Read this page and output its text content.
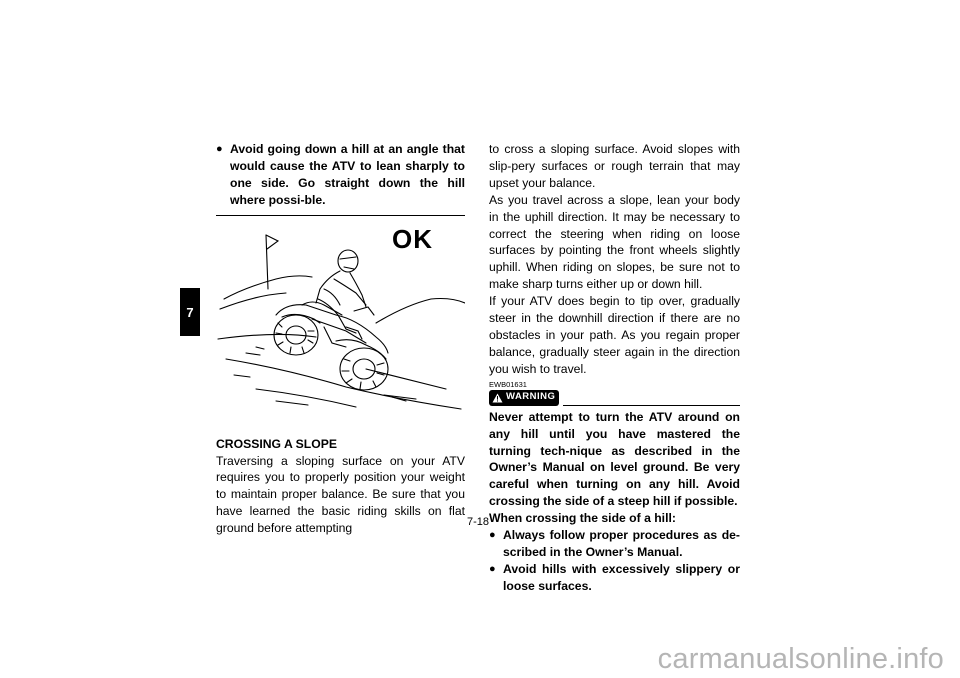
7
● Avoid going down a hill at an angle that would cause the ATV to lean sharply to one side. Go straight down the hill where possi-ble.
OK
CROSSING A SLOPE

Traversing a sloping surface on your ATV requires you to properly position your weight to maintain proper balance. Be sure that you have learned the basic riding skills on flat ground before attempting

to cross a sloping surface. Avoid slopes with slip-pery surfaces or rough terrain that may upset your balance.

As you travel across a slope, lean your body in the uphill direction. It may be necessary to correct the steering when riding on loose surfaces by pointing the front wheels slightly uphill. When riding on slopes, be sure not to make sharp turns either up or down hill.

If your ATV does begin to tip over, gradually steer in the downhill direction if there are no obstacles in your path. As you regain proper balance, gradually steer again in the direction you wish to travel.

EWB01631
WARNING

Never attempt to turn the ATV around on any hill until you have mastered the turning tech-nique as described in the Owner’s Manual on level ground. Be very careful when turning on any hill. Avoid crossing the side of a steep hill if possible.

When crossing the side of a hill:
● Always follow proper procedures as de-scribed in the Owner’s Manual.
● Avoid hills with excessively slippery or loose surfaces.
7-18
carmanualsonline.info
